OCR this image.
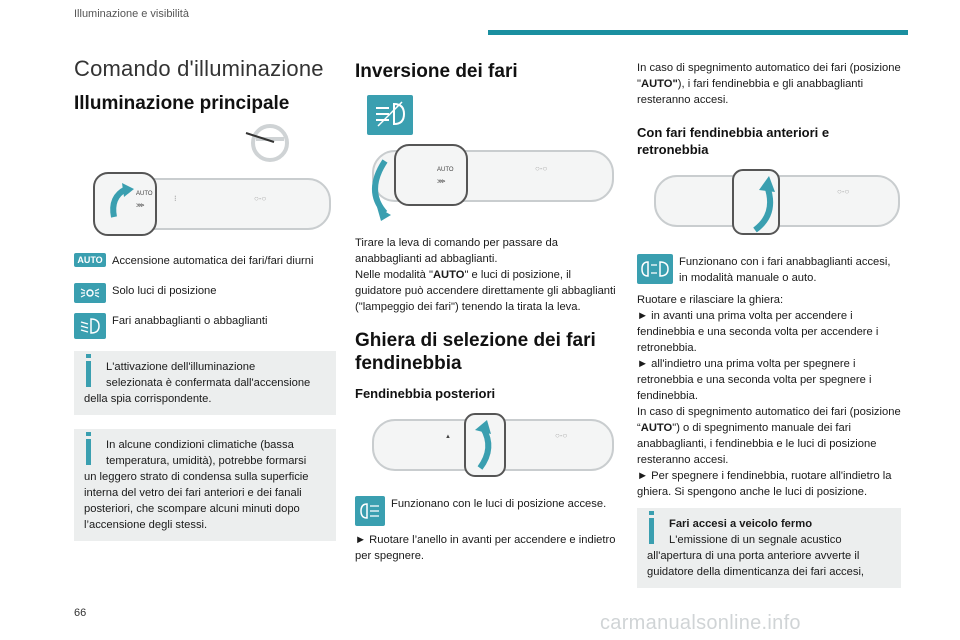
Illuminazione e visibilità
Comando d'illuminazione
Illuminazione principale
AUTO
⋙
⁝	○-○
AUTO Accensione automatica dei fari/fari diurni
Solo luci di posizione
Fari anabbaglianti o abbaglianti
L'attivazione dell'illuminazione
selezionata è confermata dall'accensione
della spia corrispondente.
In alcune condizioni climatiche (bassa
temperatura, umidità), potrebbe formarsi
un leggero strato di condensa sulla superficie interna del vetro dei fari anteriori e dei fanali posteriori, che scompare alcuni minuti dopo l’accensione degli stessi.
Inversione dei fari
AUTO
⋙
○-○
Tirare la leva di comando per passare da anabbaglianti ad abbaglianti.
Nelle modalità "AUTO" e luci di posizione, il guidatore può accendere direttamente gli abbaglianti ("lampeggio dei fari") tenendo la tirata la leva.
Ghiera di selezione dei fari fendinebbia
Fendinebbia posteriori
▲	○-○
Funzionano con le luci di posizione accese.
► Ruotare l’anello in avanti per accendere e indietro per spegnere.
In caso di spegnimento automatico dei fari (posizione "AUTO"), i fari fendinebbia e gli anabbaglianti resteranno accesi.
Con fari fendinebbia anteriori e retronebbia
○-○
Funzionano con i fari anabbaglianti accesi, in modalità manuale o auto.
Ruotare e rilasciare la ghiera:
► in avanti una prima volta per accendere i fendinebbia e una seconda volta per accendere i retronebbia.
► all'indietro una prima volta per spegnere i retronebbia e una seconda volta per spegnere i fendinebbia.
In caso di spegnimento automatico dei fari (posizione “AUTO") o di spegnimento manuale dei fari anabbaglianti, i fendinebbia e le luci di posizione resteranno accesi.
► Per spegnere i fendinebbia, ruotare all'indietro la ghiera. Si spengono anche le luci di posizione.
Fari accesi a veicolo fermo
L'emissione di un segnale acustico
all'apertura di una porta anteriore avverte il guidatore della dimenticanza dei fari accesi,
66	carmanualsonline.info
